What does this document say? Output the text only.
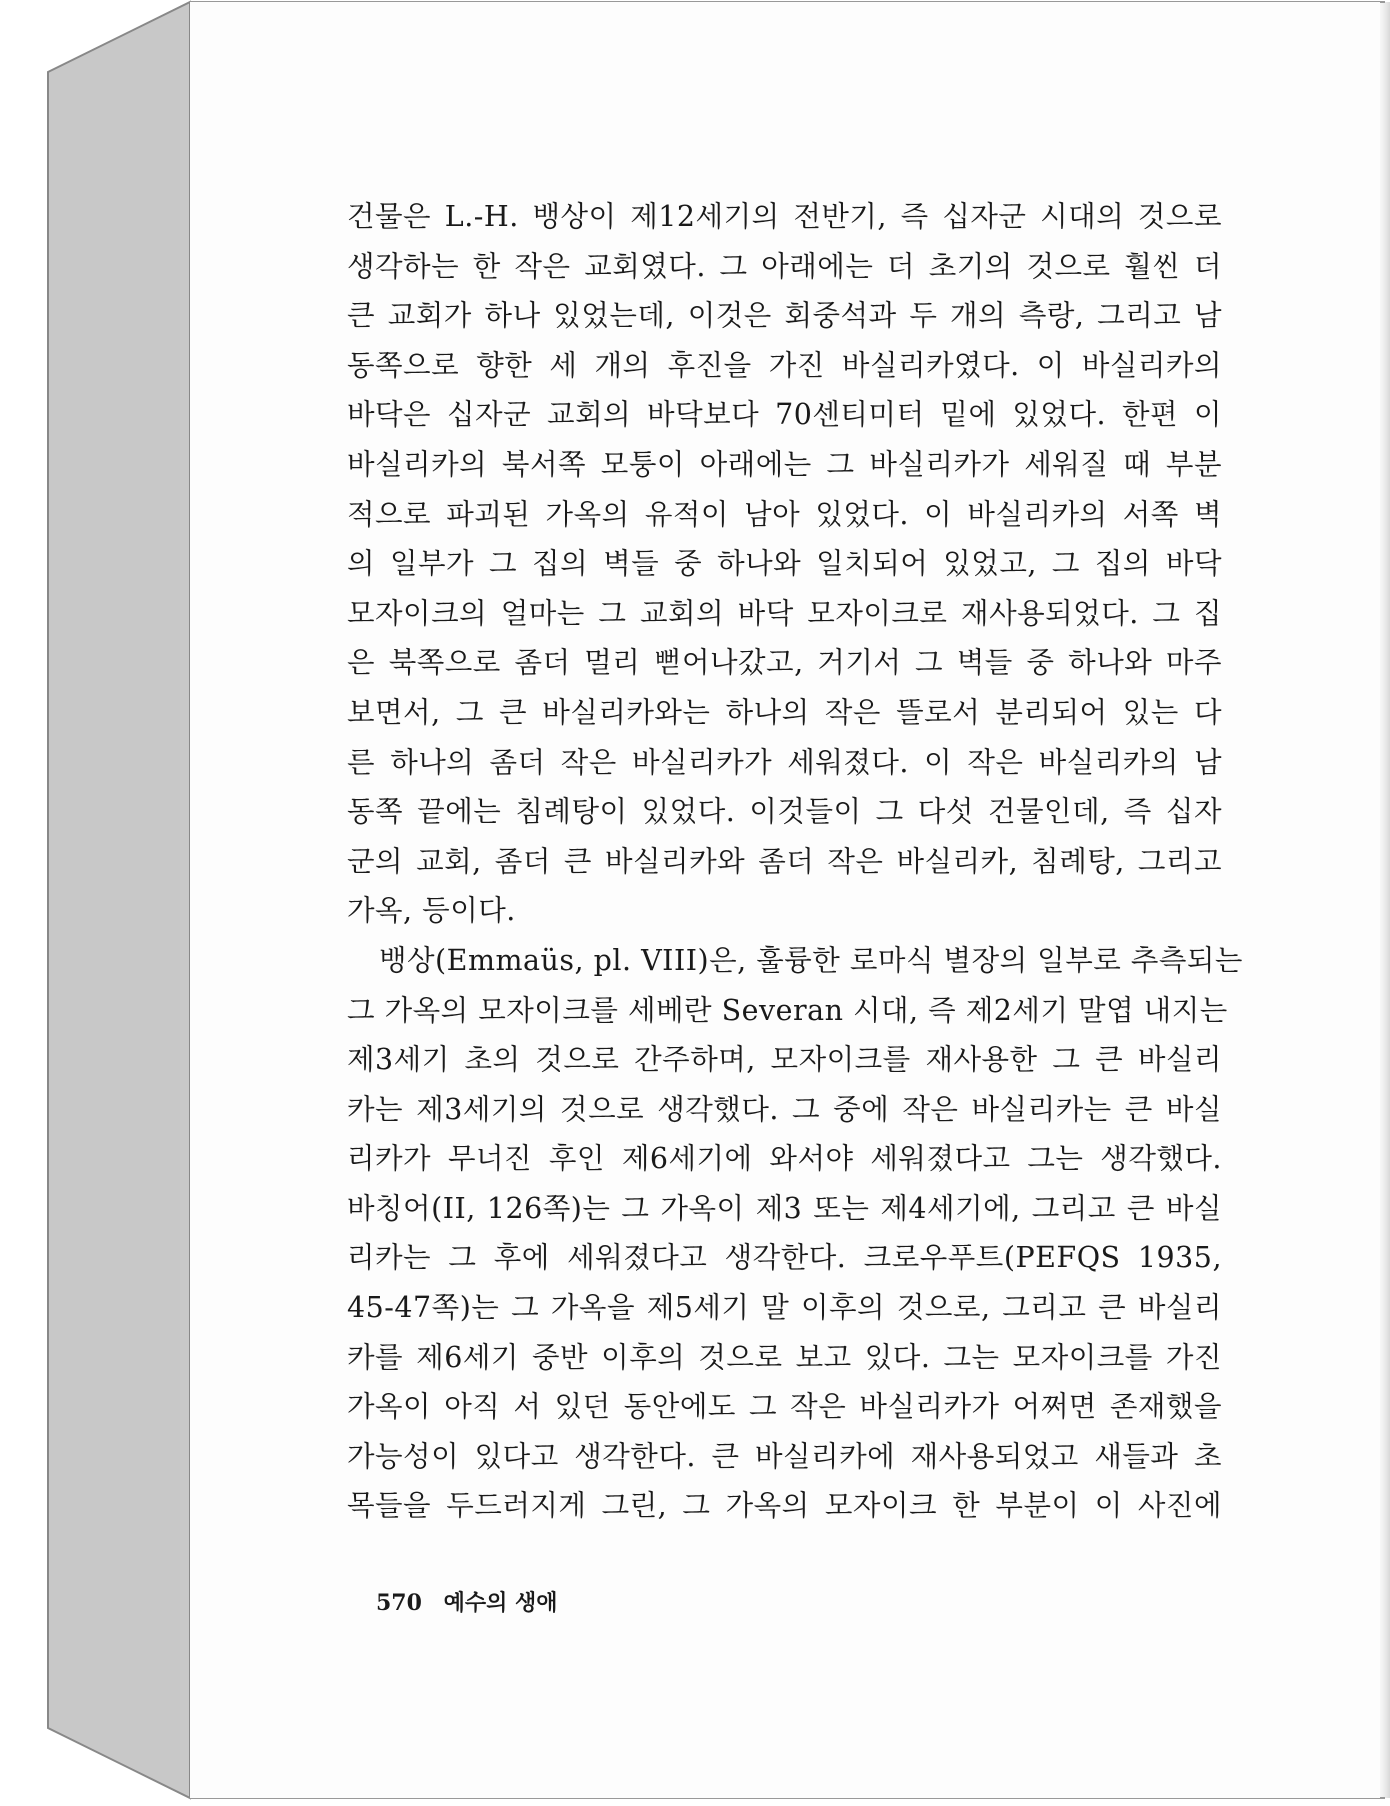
건물은 L.-H. 뱅상이 제12세기의 전반기, 즉 십자군 시대의 것으로
생각하는 한 작은 교회였다. 그 아래에는 더 초기의 것으로 훨씬 더
큰 교회가 하나 있었는데, 이것은 회중석과 두 개의 측랑, 그리고 남
동쪽으로 향한 세 개의 후진을 가진 바실리카였다. 이 바실리카의
바닥은 십자군 교회의 바닥보다 70센티미터 밑에 있었다. 한편 이
바실리카의 북서쪽 모퉁이 아래에는 그 바실리카가 세워질 때 부분
적으로 파괴된 가옥의 유적이 남아 있었다. 이 바실리카의 서쪽 벽
의 일부가 그 집의 벽들 중 하나와 일치되어 있었고, 그 집의 바닥
모자이크의 얼마는 그 교회의 바닥 모자이크로 재사용되었다. 그 집
은 북쪽으로 좀더 멀리 뻗어나갔고, 거기서 그 벽들 중 하나와 마주
보면서, 그 큰 바실리카와는 하나의 작은 뜰로서 분리되어 있는 다
른 하나의 좀더 작은 바실리카가 세워졌다. 이 작은 바실리카의 남
동쪽 끝에는 침례탕이 있었다. 이것들이 그 다섯 건물인데, 즉 십자
군의 교회, 좀더 큰 바실리카와 좀더 작은 바실리카, 침례탕, 그리고
가옥, 등이다.
뱅상(Emmaüs, pl. VIII)은, 훌륭한 로마식 별장의 일부로 추측되는
그 가옥의 모자이크를 세베란 Severan 시대, 즉 제2세기 말엽 내지는
제3세기 초의 것으로 간주하며, 모자이크를 재사용한 그 큰 바실리
카는 제3세기의 것으로 생각했다. 그 중에 작은 바실리카는 큰 바실
리카가 무너진 후인 제6세기에 와서야 세워졌다고 그는 생각했다.
바칭어(II, 126쪽)는 그 가옥이 제3 또는 제4세기에, 그리고 큰 바실
리카는 그 후에 세워졌다고 생각한다. 크로우푸트(PEFQS 1935,
45-47쪽)는 그 가옥을 제5세기 말 이후의 것으로, 그리고 큰 바실리
카를 제6세기 중반 이후의 것으로 보고 있다. 그는 모자이크를 가진
가옥이 아직 서 있던 동안에도 그 작은 바실리카가 어쩌면 존재했을
가능성이 있다고 생각한다. 큰 바실리카에 재사용되었고 새들과 초
목들을 두드러지게 그린, 그 가옥의 모자이크 한 부분이 이 사진에
570 예수의 생애
